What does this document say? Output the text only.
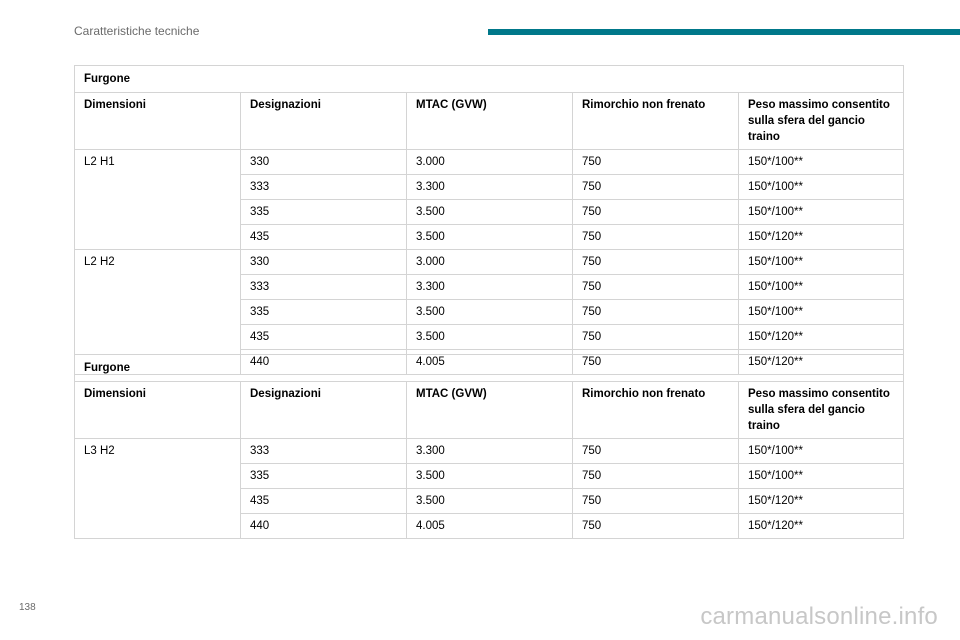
Caratteristiche tecniche
Furgone				
Dimensioni	Designazioni	MTAC (GVW)	Rimorchio non frenato	Peso massimo consentito sulla sfera del gancio traino
L2 H1	330	3.000	750	150*/100**
	333	3.300	750	150*/100**
	335	3.500	750	150*/100**
	435	3.500	750	150*/120**
L2 H2	330	3.000	750	150*/100**
	333	3.300	750	150*/100**
	335	3.500	750	150*/100**
	435	3.500	750	150*/120**
	440	4.005	750	150*/120**
Furgone				
Dimensioni	Designazioni	MTAC (GVW)	Rimorchio non frenato	Peso massimo consentito sulla sfera del gancio traino
L3 H2	333	3.300	750	150*/100**
	335	3.500	750	150*/100**
	435	3.500	750	150*/120**
	440	4.005	750	150*/120**
138	carmanualsonline.info
